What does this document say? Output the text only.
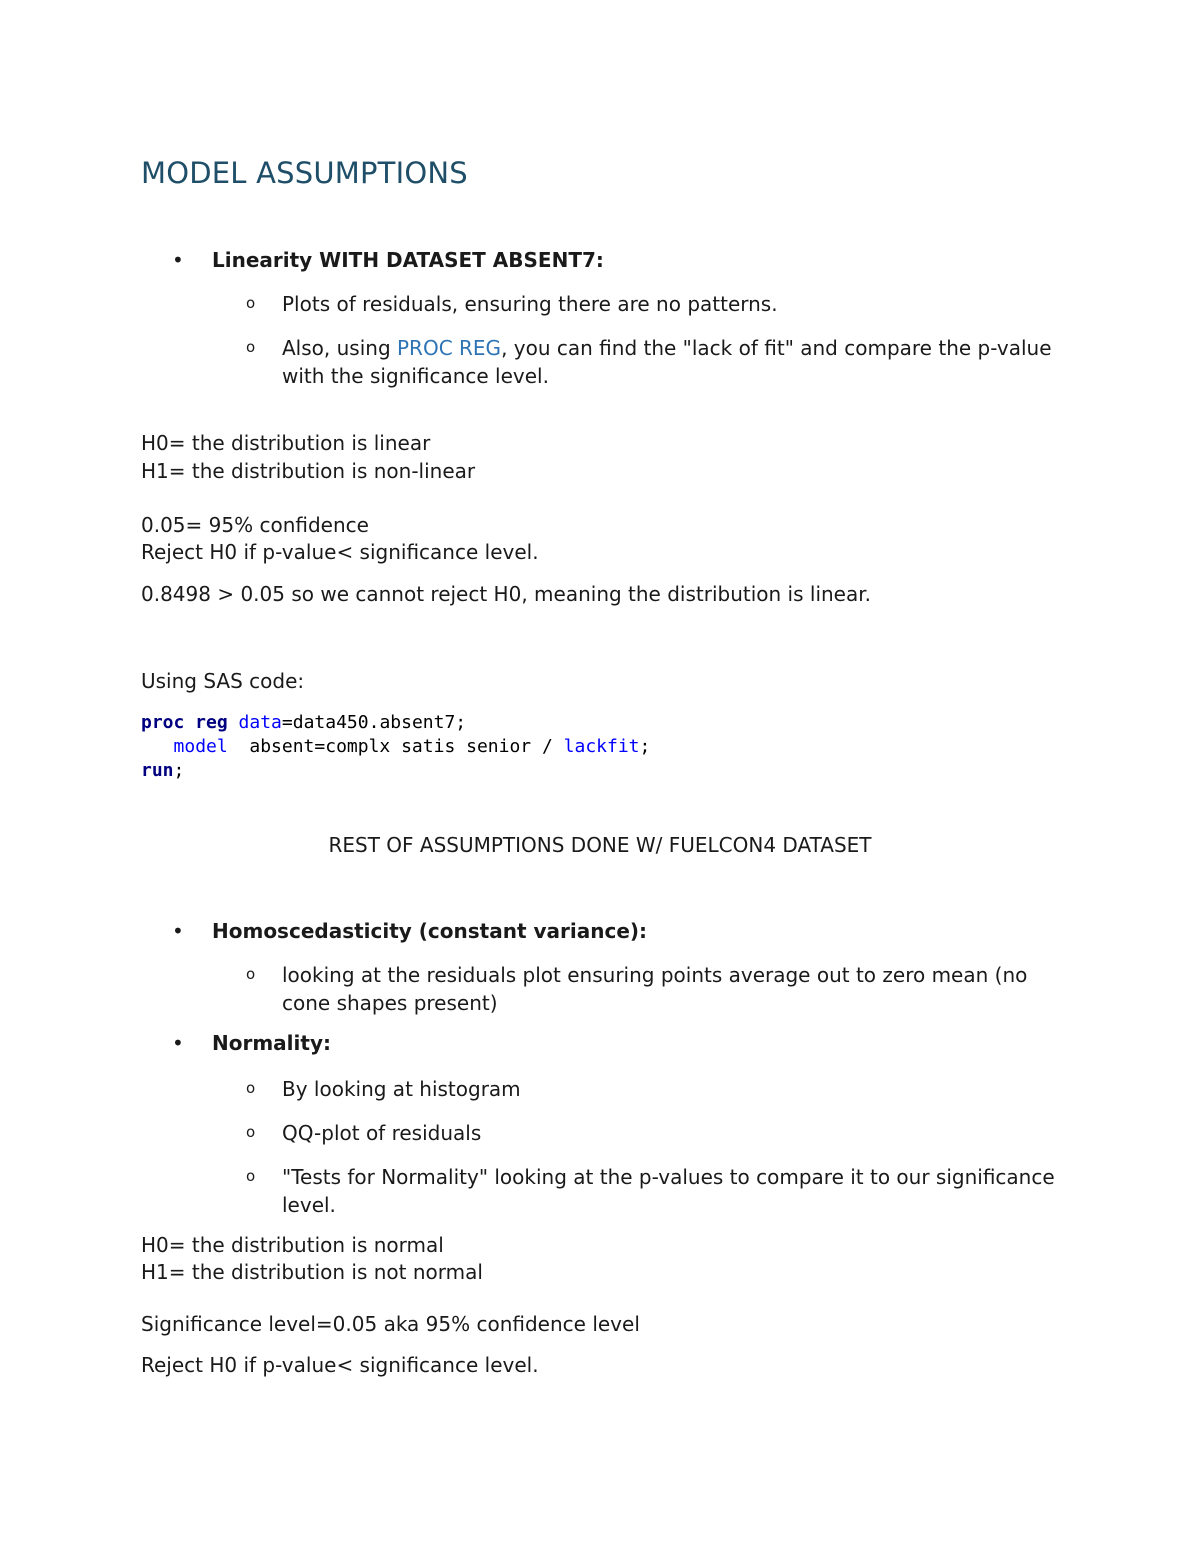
MODEL ASSUMPTIONS
• Linearity WITH DATASET ABSENT7:
o Plots of residuals, ensuring there are no patterns.
o Also, using PROC REG, you can find the "lack of fit" and compare the p-value with the significance level.
H0= the distribution is linear
H1= the distribution is non-linear
0.05= 95% confidence
Reject H0 if p-value< significance level.
0.8498 > 0.05 so we cannot reject H0, meaning the distribution is linear.
Using SAS code:
proc reg data=data450.absent7;
model  absent=complx satis senior / lackfit;
run;
REST OF ASSUMPTIONS DONE W/ FUELCON4 DATASET
• Homoscedasticity (constant variance):
o looking at the residuals plot ensuring points average out to zero mean (no cone shapes present)
• Normality:
o By looking at histogram
o QQ-plot of residuals
o "Tests for Normality" looking at the p-values to compare it to our significance level.
H0= the distribution is normal
H1= the distribution is not normal
Significance level=0.05 aka 95% confidence level
Reject H0 if p-value< significance level.
